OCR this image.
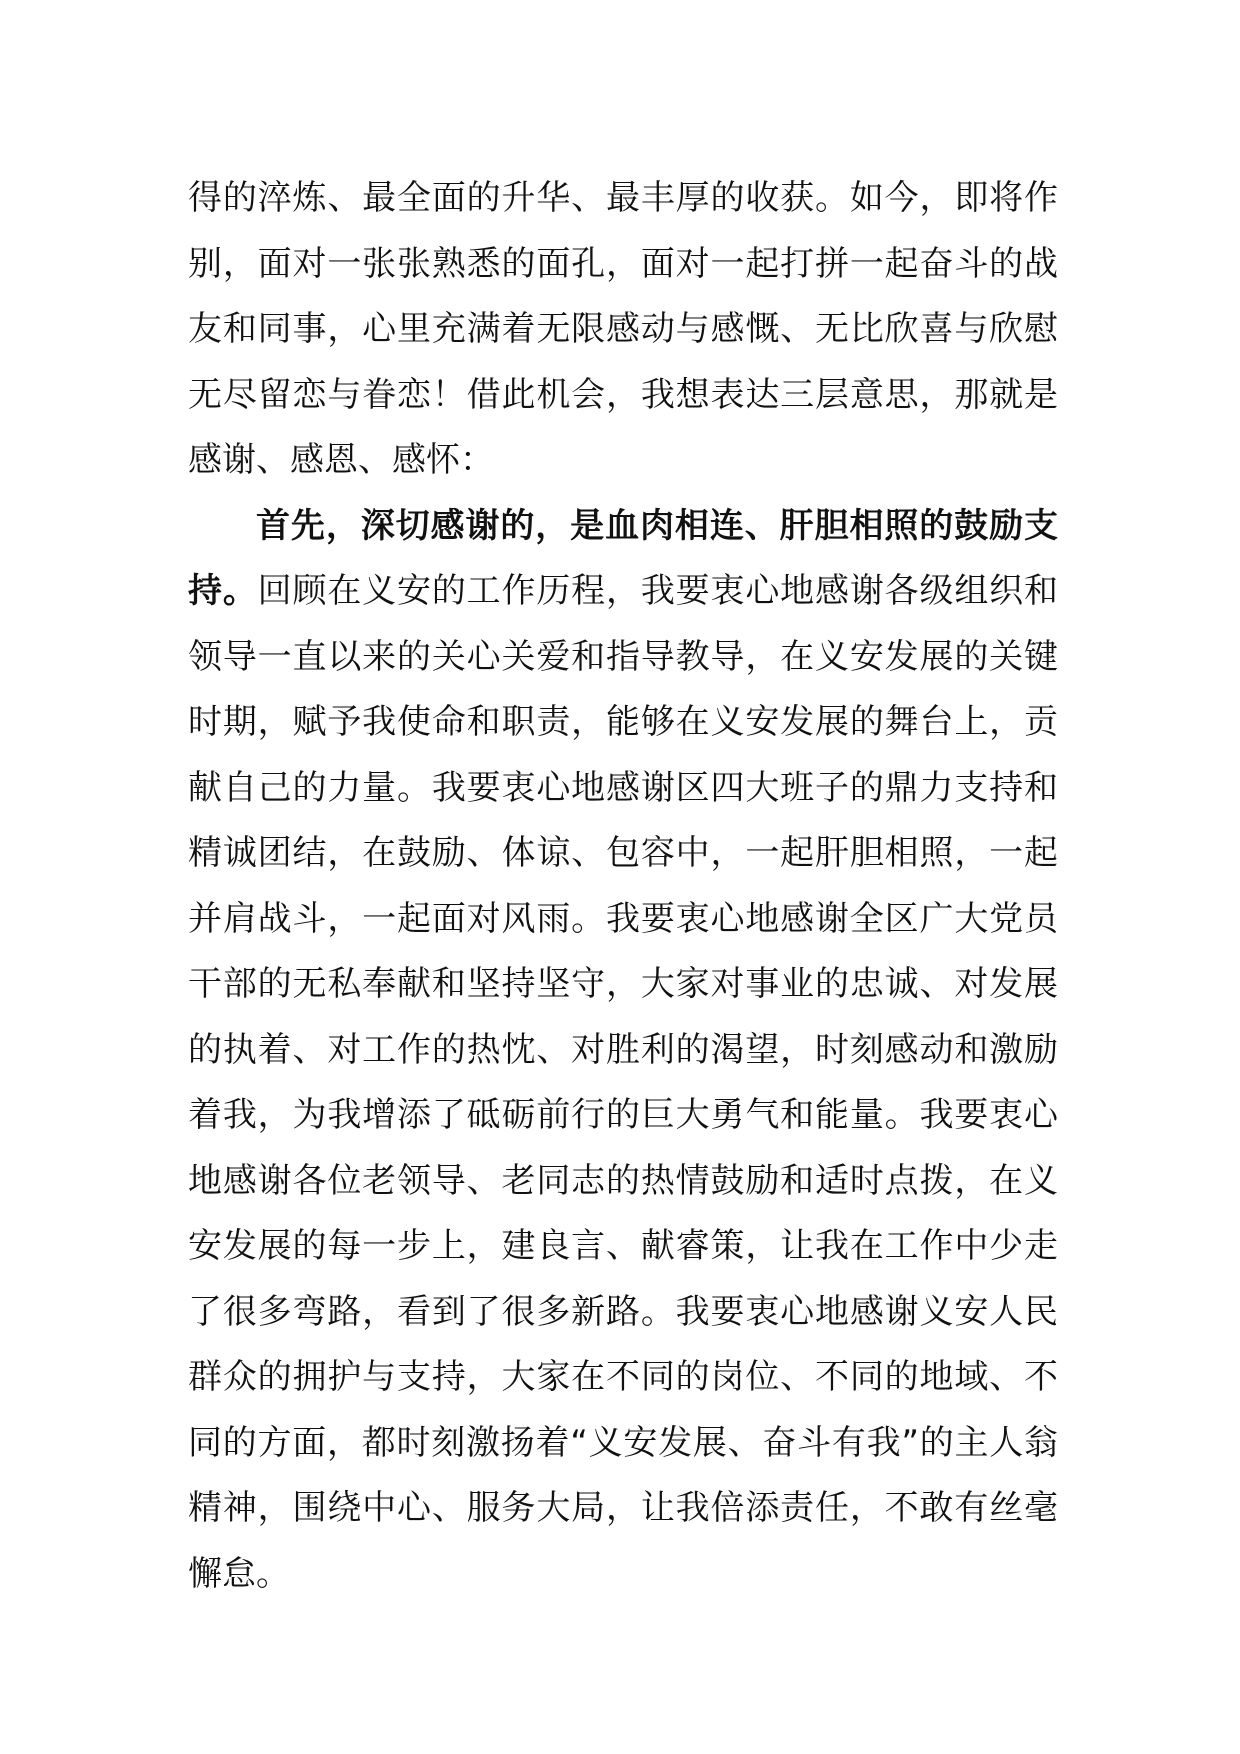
得的淬炼、最全面的升华、最丰厚的收获。如今，即将作别，面对一张张熟悉的面孔，面对一起打拼一起奋斗的战友和同事，心里充满着无限感动与感慨、无比欣喜与欣慰无尽留恋与眷恋！借此机会，我想表达三层意思，那就是感谢、感恩、感怀：

首先，深切感谢的，是血肉相连、肝胆相照的鼓励支持。回顾在义安的工作历程，我要衷心地感谢各级组织和领导一直以来的关心关爱和指导教导，在义安发展的关键时期，赋予我使命和职责，能够在义安发展的舞台上，贡献自己的力量。我要衷心地感谢区四大班子的鼎力支持和精诚团结，在鼓励、体谅、包容中，一起肝胆相照，一起并肩战斗，一起面对风雨。我要衷心地感谢全区广大党员干部的无私奉献和坚持坚守，大家对事业的忠诚、对发展的执着、对工作的热忱、对胜利的渴望，时刻感动和激励着我，为我增添了砥砺前行的巨大勇气和能量。我要衷心地感谢各位老领导、老同志的热情鼓励和适时点拨，在义安发展的每一步上，建良言、献睿策，让我在工作中少走了很多弯路，看到了很多新路。我要衷心地感谢义安人民群众的拥护与支持，大家在不同的岗位、不同的地域、不同的方面，都时刻激扬着“义安发展、奋斗有我”的主人翁精神，围绕中心、服务大局，让我倍添责任，不敢有丝毫懈怠。
